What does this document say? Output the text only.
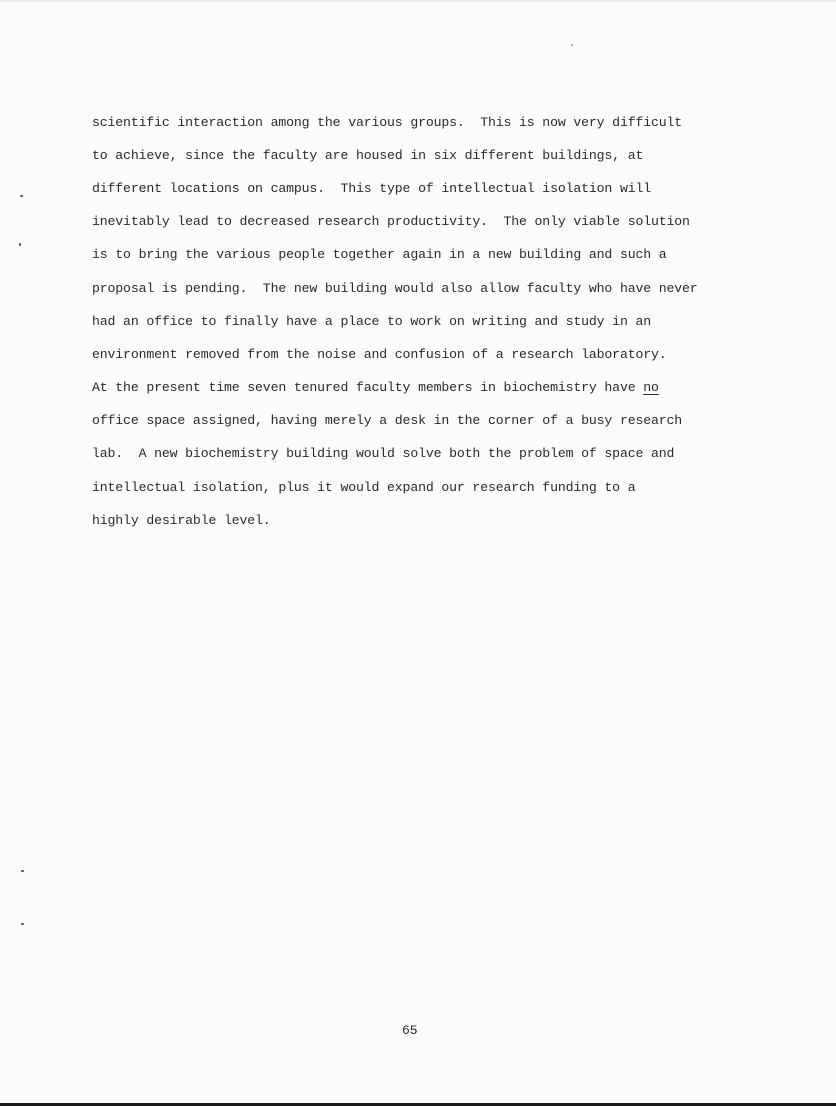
scientific interaction among the various groups.  This is now very difficult
to achieve, since the faculty are housed in six different buildings, at
different locations on campus.  This type of intellectual isolation will
inevitably lead to decreased research productivity.  The only viable solution
is to bring the various people together again in a new building and such a
proposal is pending.  The new building would also allow faculty who have never
had an office to finally have a place to work on writing and study in an
environment removed from the noise and confusion of a research laboratory.
At the present time seven tenured faculty members in biochemistry have no
office space assigned, having merely a desk in the corner of a busy research
lab.  A new biochemistry building would solve both the problem of space and
intellectual isolation, plus it would expand our research funding to a
highly desirable level.
65
